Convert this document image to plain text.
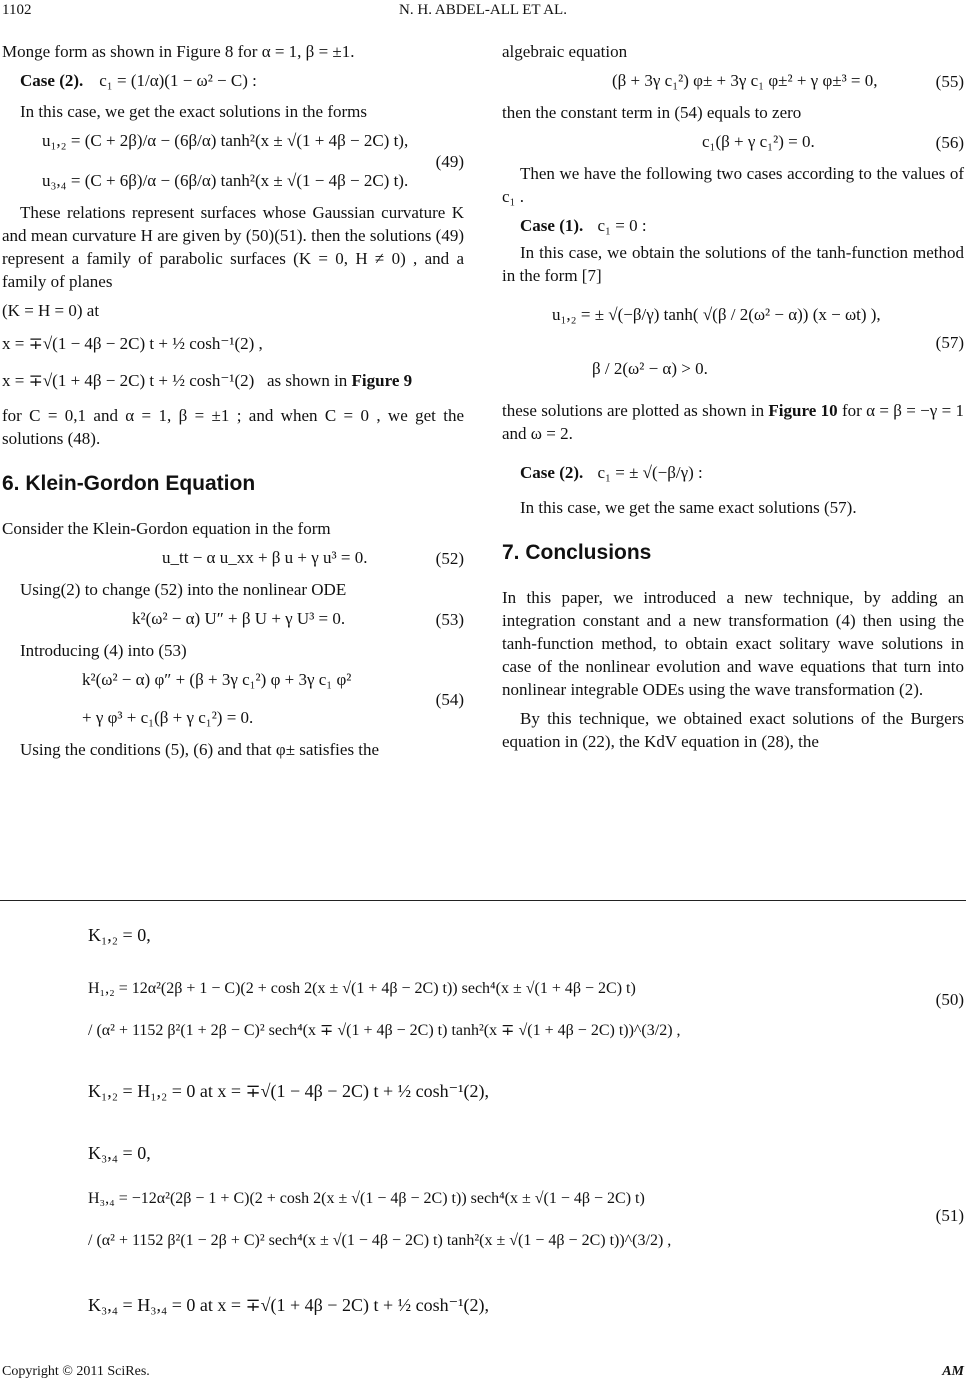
1102	N. H. ABDEL-ALL ET AL.

Monge form as shown in Figure 8 for α = 1, β = ±1.

Case (2). c₁ = (1/α)(1 − ω² − C) :

In this case, we get the exact solutions in the forms

u₁,₂ = (C + 2β)/α − (6β/α) tanh²(x ± √(1 + 4β − 2C) t),
u₃,₄ = (C + 6β)/α − (6β/α) tanh²(x ± √(1 − 4β − 2C) t).
(49)

These relations represent surfaces whose Gaussian curvature K and mean curvature H are given by (50)(51). then the solutions (49) represent a family of parabolic surfaces (K = 0, H ≠ 0) , and a family of planes

(K = H = 0) at

x = ∓√(1 − 4β − 2C) t + ½ cosh⁻¹(2) ,
x = ∓√(1 + 4β − 2C) t + ½ cosh⁻¹(2) as shown in Figure 9

for C = 0,1 and α = 1, β = ±1 ; and when C = 0 , we get the solutions (48).

6. Klein-Gordon Equation

Consider the Klein-Gordon equation in the form

u_tt − α u_xx + β u + γ u³ = 0.	(52)

Using(2) to change (52) into the nonlinear ODE

k²(ω² − α) U″ + β U + γ U³ = 0.	(53)

Introducing (4) into (53)

k²(ω² − α) φ″ + (β + 3γ c₁²) φ + 3γ c₁ φ²
+ γ φ³ + c₁(β + γ c₁²) = 0.
(54)

Using the conditions (5), (6) and that φ± satisfies the

algebraic equation

(β + 3γ c₁²) φ± + 3γ c₁ φ±² + γ φ±³ = 0,	(55)

then the constant term in (54) equals to zero

c₁(β + γ c₁²) = 0.	(56)

Then we have the following two cases according to the values of c₁ .

Case (1). c₁ = 0 :

In this case, we obtain the solutions of the tanh-function method in the form [7]

u₁,₂ = ± √(−β/γ) tanh( √(β / 2(ω² − α)) (x − ωt) ),
β / 2(ω² − α) > 0.
(57)

these solutions are plotted as shown in Figure 10 for α = β = −γ = 1 and ω = 2.

Case (2). c₁ = ± √(−β/γ) :

In this case, we get the same exact solutions (57).

7. Conclusions

In this paper, we introduced a new technique, by adding an integration constant and a new transformation (4) then using the tanh-function method, to obtain exact solitary wave solutions in case of the nonlinear evolution and wave equations that turn into nonlinear integrable ODEs using the wave transformation (2).

By this technique, we obtained exact solutions of the Burgers equation in (22), the KdV equation in (28), the

K₁,₂ = 0,
H₁,₂ = 12α²(2β + 1 − C)(2 + cosh 2(x ± √(1 + 4β − 2C) t)) sech⁴(x ± √(1 + 4β − 2C) t)
/ (α² + 1152 β²(1 + 2β − C)² sech⁴(x ∓ √(1 + 4β − 2C) t) tanh²(x ∓ √(1 + 4β − 2C) t))^(3/2) ,
K₁,₂ = H₁,₂ = 0 at x = ∓√(1 − 4β − 2C) t + ½ cosh⁻¹(2),
(50)
K₃,₄ = 0,
H₃,₄ = −12α²(2β − 1 + C)(2 + cosh 2(x ± √(1 − 4β − 2C) t)) sech⁴(x ± √(1 − 4β − 2C) t)
/ (α² + 1152 β²(1 − 2β + C)² sech⁴(x ± √(1 − 4β − 2C) t) tanh²(x ± √(1 − 4β − 2C) t))^(3/2) ,
K₃,₄ = H₃,₄ = 0 at x = ∓√(1 + 4β − 2C) t + ½ cosh⁻¹(2),
(51)
Copyright © 2011 SciRes.	AM
